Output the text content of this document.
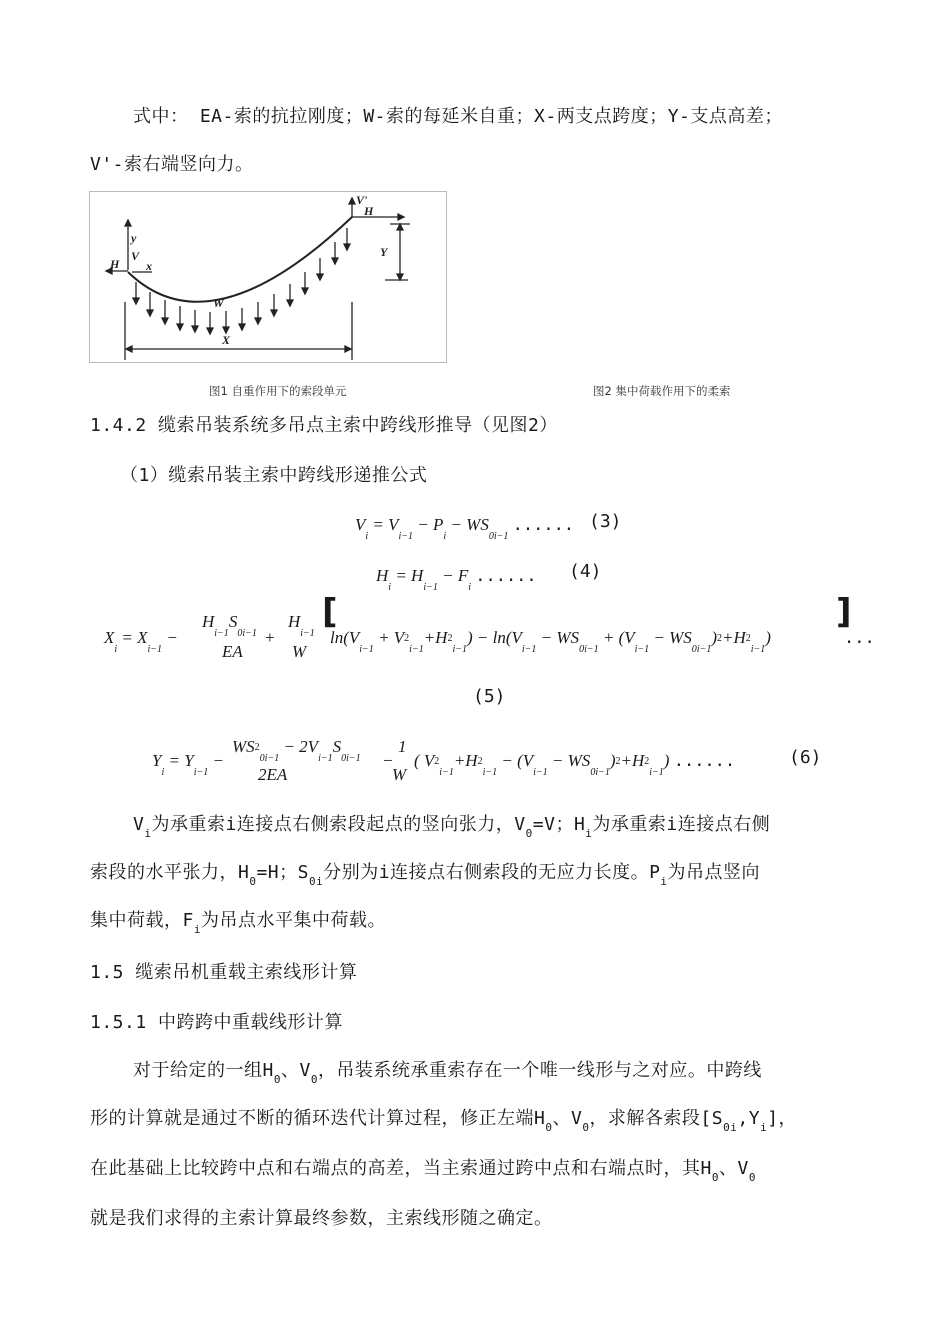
式中： EA-索的抗拉刚度；W-索的每延米自重；X-两支点跨度；Y-支点高差；
V'-索右端竖向力。
y
V
H x
W
V'
H
Y
X
图1 自重作用下的索段单元	图2 集中荷载作用下的柔索
1.4.2 缆索吊装系统多吊点主索中跨线形推导（见图2）
（1）缆索吊装主索中跨线形递推公式
$V_i = V_{i-1} - P_i - WS_{0i-1}$ ...... (3)
$H_i = H_{i-1} - F_i$ ...... (4)
$X_i = X_{i-1}$ −
$H_{i-1}S_{0i-1}$
EA
+
$H_{i-1}$
W
[
$\ln(V_{i-1} + V2_{i-1}+H2_{i-1}) - \ln(V_{i-1} - WS_{0i-1} + (V_{i-1} - WS_{0i-1})2+H2_{i-1})$
]
...
(5)
$Y_i = Y_{i-1}$ −
$WS2_{0i-1} - 2V_{i-1}S_{0i-1}$
2EA
−
1
W
( $V2_{i-1}+H2_{i-1} - (V_{i-1} - WS_{0i-1})2+H2_{i-1}$) ......	(6)
$V_i$为承重索i连接点右侧索段起点的竖向张力，$V_0=V$；$H_i$为承重索i连接点右侧
索段的水平张力，$H_0=H$；$S_{0i}$分别为i连接点右侧索段的无应力长度。$P_i$为吊点竖向
集中荷载，$F_i$为吊点水平集中荷载。
1.5 缆索吊机重载主索线形计算
1.5.1 中跨跨中重载线形计算
对于给定的一组$H_0$、$V_0$，吊装系统承重索存在一个唯一线形与之对应。中跨线
形的计算就是通过不断的循环迭代计算过程，修正左端$H_0$、$V_0$，求解各索段$[S_{0i},Y_i]$，
在此基础上比较跨中点和右端点的高差，当主索通过跨中点和右端点时，其$H_0$、$V_0$
就是我们求得的主索计算最终参数，主索线形随之确定。
